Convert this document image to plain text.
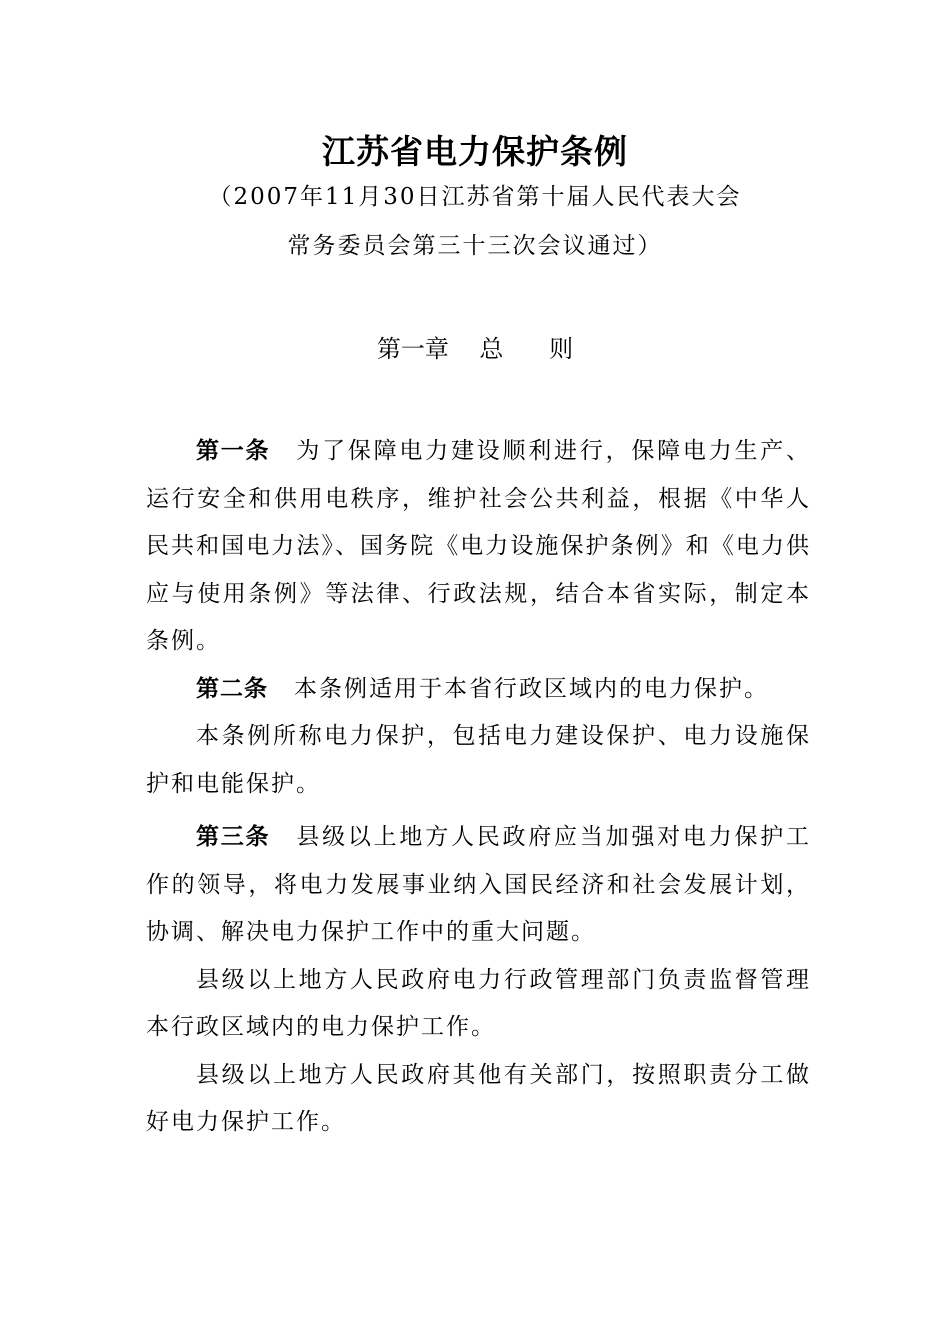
江苏省电力保护条例
（2007年11月30日江苏省第十届人民代表大会
常务委员会第三十三次会议通过）
第一章    总      则

第一条 为了保障电力建设顺利进行，保障电力生产、运行安全和供用电秩序，维护社会公共利益，根据《中华人民共和国电力法》、国务院《电力设施保护条例》和《电力供应与使用条例》等法律、行政法规，结合本省实际，制定本条例。

第二条 本条例适用于本省行政区域内的电力保护。

本条例所称电力保护，包括电力建设保护、电力设施保护和电能保护。

第三条 县级以上地方人民政府应当加强对电力保护工作的领导，将电力发展事业纳入国民经济和社会发展计划，协调、解决电力保护工作中的重大问题。

县级以上地方人民政府电力行政管理部门负责监督管理本行政区域内的电力保护工作。

县级以上地方人民政府其他有关部门，按照职责分工做好电力保护工作。
